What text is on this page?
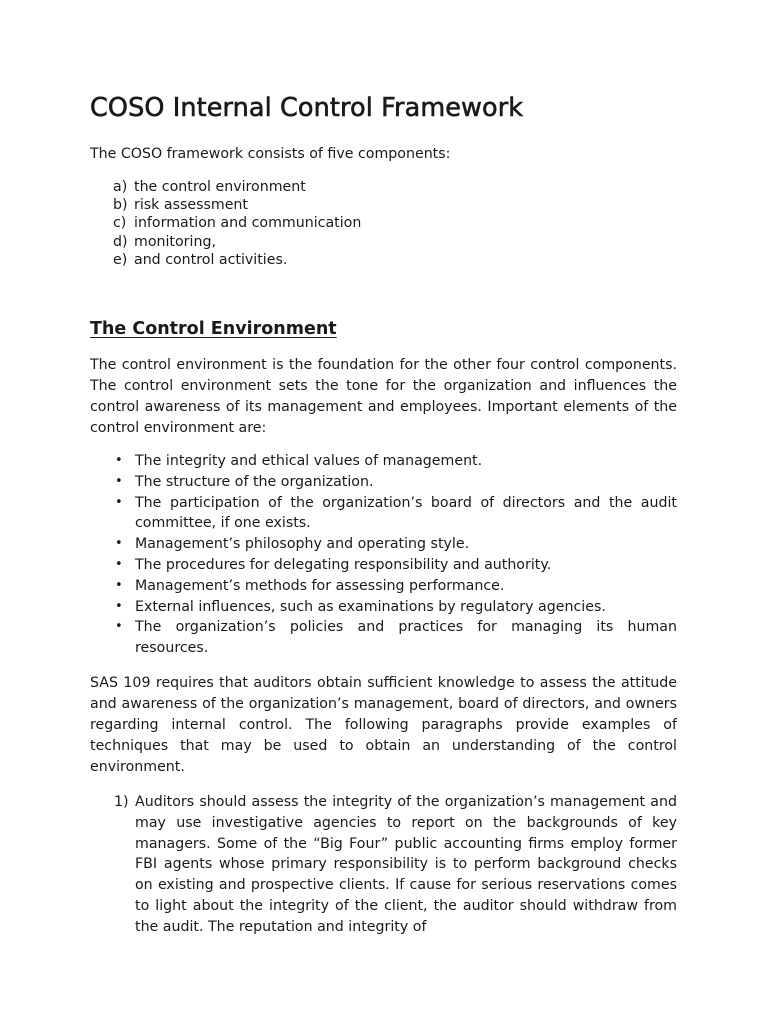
COSO Internal Control Framework

The COSO framework consists of five components:

a) the control environment
b) risk assessment
c) information and communication
d) monitoring,
e) and control activities.
The Control Environment

The control environment is the foundation for the other four control components. The control environment sets the tone for the organization and influences the control awareness of its management and employees. Important elements of the control environment are:

• The integrity and ethical values of management.
• The structure of the organization.
• The participation of the organization’s board of directors and the audit committee, if one exists.
• Management’s philosophy and operating style.
• The procedures for delegating responsibility and authority.
• Management’s methods for assessing performance.
• External influences, such as examinations by regulatory agencies.
• The organization’s policies and practices for managing its human resources.

SAS 109 requires that auditors obtain sufficient knowledge to assess the attitude and awareness of the organization’s management, board of directors, and owners regarding internal control. The following paragraphs provide examples of techniques that may be used to obtain an understanding of the control environment.

1) Auditors should assess the integrity of the organization’s management and may use investigative agencies to report on the backgrounds of key managers. Some of the “Big Four” public accounting firms employ former FBI agents whose primary responsibility is to perform background checks on existing and prospective clients. If cause for serious reservations comes to light about the integrity of the client, the auditor should withdraw from the audit. The reputation and integrity of
